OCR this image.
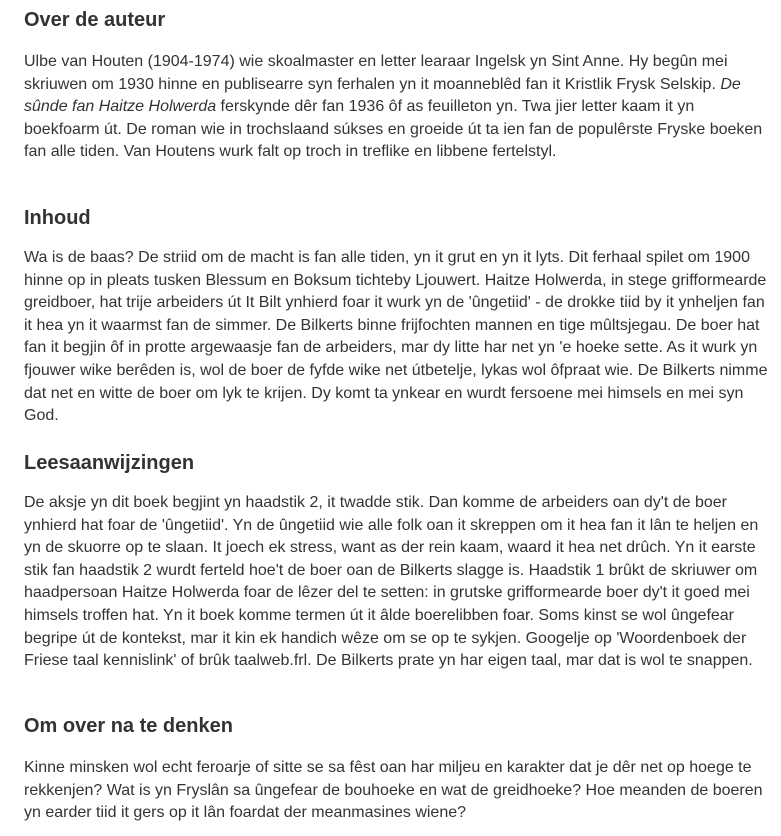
Over de auteur

Ulbe van Houten (1904-1974) wie skoalmaster en letter learaar Ingelsk yn Sint Anne. Hy begûn mei skriuwen om 1930 hinne en publisearre syn ferhalen yn it moanneblêd fan it Kristlik Frysk Selskip. De sûnde fan Haitze Holwerda ferskynde dêr fan 1936 ôf as feuilleton yn. Twa jier letter kaam it yn boekfoarm út. De roman wie in trochslaand súkses en groeide út ta ien fan de populêrste Fryske boeken fan alle tiden. Van Houtens wurk falt op troch in treflike en libbene fertelstyl.

Inhoud

Wa is de baas? De striid om de macht is fan alle tiden, yn it grut en yn it lyts. Dit ferhaal spilet om 1900 hinne op in pleats tusken Blessum en Boksum tichteby Ljouwert. Haitze Holwerda, in stege grifformearde greidboer, hat trije arbeiders út It Bilt ynhierd foar it wurk yn de 'ûngetiid' - de drokke tiid by it ynheljen fan it hea yn it waarmst fan de simmer. De Bilkerts binne frijfochten mannen en tige mûltsjegau. De boer hat fan it begjin ôf in protte argewaasje fan de arbeiders, mar dy litte har net yn 'e hoeke sette. As it wurk yn fjouwer wike berêden is, wol de boer de fyfde wike net útbetelje, lykas wol ôfpraat wie. De Bilkerts nimme dat net en witte de boer om lyk te krijen. Dy komt ta ynkear en wurdt fersoene mei himsels en mei syn God.

Leesaanwijzingen

De aksje yn dit boek begjint yn haadstik 2, it twadde stik. Dan komme de arbeiders oan dy't de boer ynhierd hat foar de 'ûngetiid'. Yn de ûngetiid wie alle folk oan it skreppen om it hea fan it lân te heljen en yn de skuorre op te slaan. It joech ek stress, want as der rein kaam, waard it hea net drûch. Yn it earste stik fan haadstik 2 wurdt ferteld hoe't de boer oan de Bilkerts slagge is. Haadstik 1 brûkt de skriuwer om haadpersoan Haitze Holwerda foar de lêzer del te setten: in grutske grifformearde boer dy't it goed mei himsels troffen hat. Yn it boek komme termen út it âlde boerelibben foar. Soms kinst se wol ûngefear begripe út de kontekst, mar it kin ek handich wêze om se op te sykjen. Googelje op 'Woordenboek der Friese taal kennislink' of brûk taalweb.frl. De Bilkerts prate yn har eigen taal, mar dat is wol te snappen.

Om over na te denken

Kinne minsken wol echt feroarje of sitte se sa fêst oan har miljeu en karakter dat je dêr net op hoege te rekkenjen? Wat is yn Fryslân sa ûngefear de bouhoeke en wat de greidhoeke? Hoe meanden de boeren yn earder tiid it gers op it lân foardat der meanmasines wiene?
